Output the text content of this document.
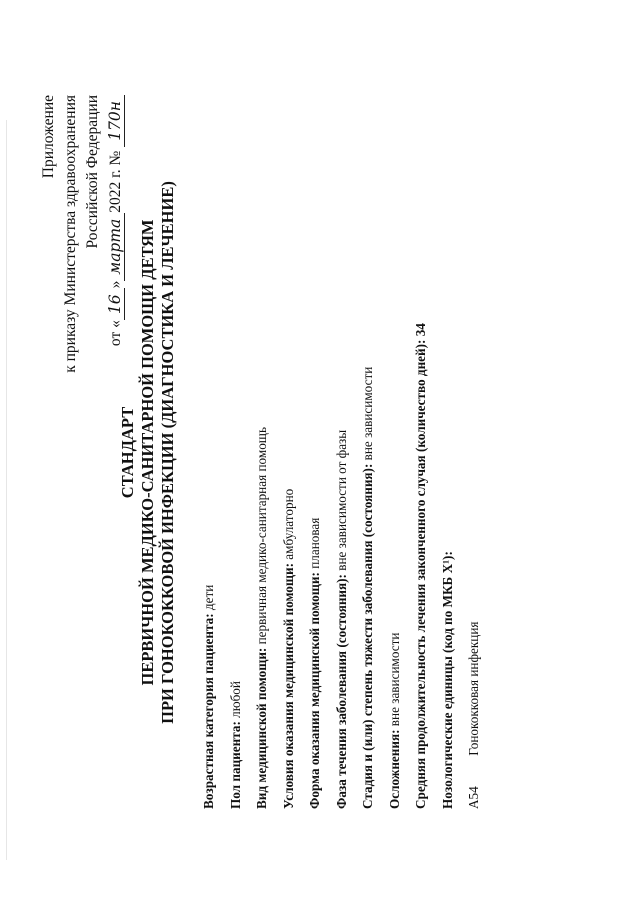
Приложение к приказу Министерства здравоохранения Российской Федерации
от «16»марта2022 г. № 170н
СТАНДАРТ ПЕРВИЧНОЙ МЕДИКО-САНИТАРНОЙ ПОМОЩИ ДЕТЯМ ПРИ ГОНОКОККОВОЙ ИНФЕКЦИИ (ДИАГНОСТИКА И ЛЕЧЕНИЕ)	Возрастная категория пациента: дети
Пол пациента: любой Вид медицинской помощи: первичная медико-санитарная помощь
Условия оказания медицинской помощи: амбулаторно
Форма оказания медицинской помощи: плановая
Фаза течения заболевания (состояния): вне зависимости от фазы Стадия и (или) степень тяжести заболевания (состояния): вне зависимости
Осложнения: вне зависимости Средняя продолжительность лечения законченного случая (количество дней): 34
Нозологические единицы (код по МКБ X¹): A54 Гонококковая инфекция
